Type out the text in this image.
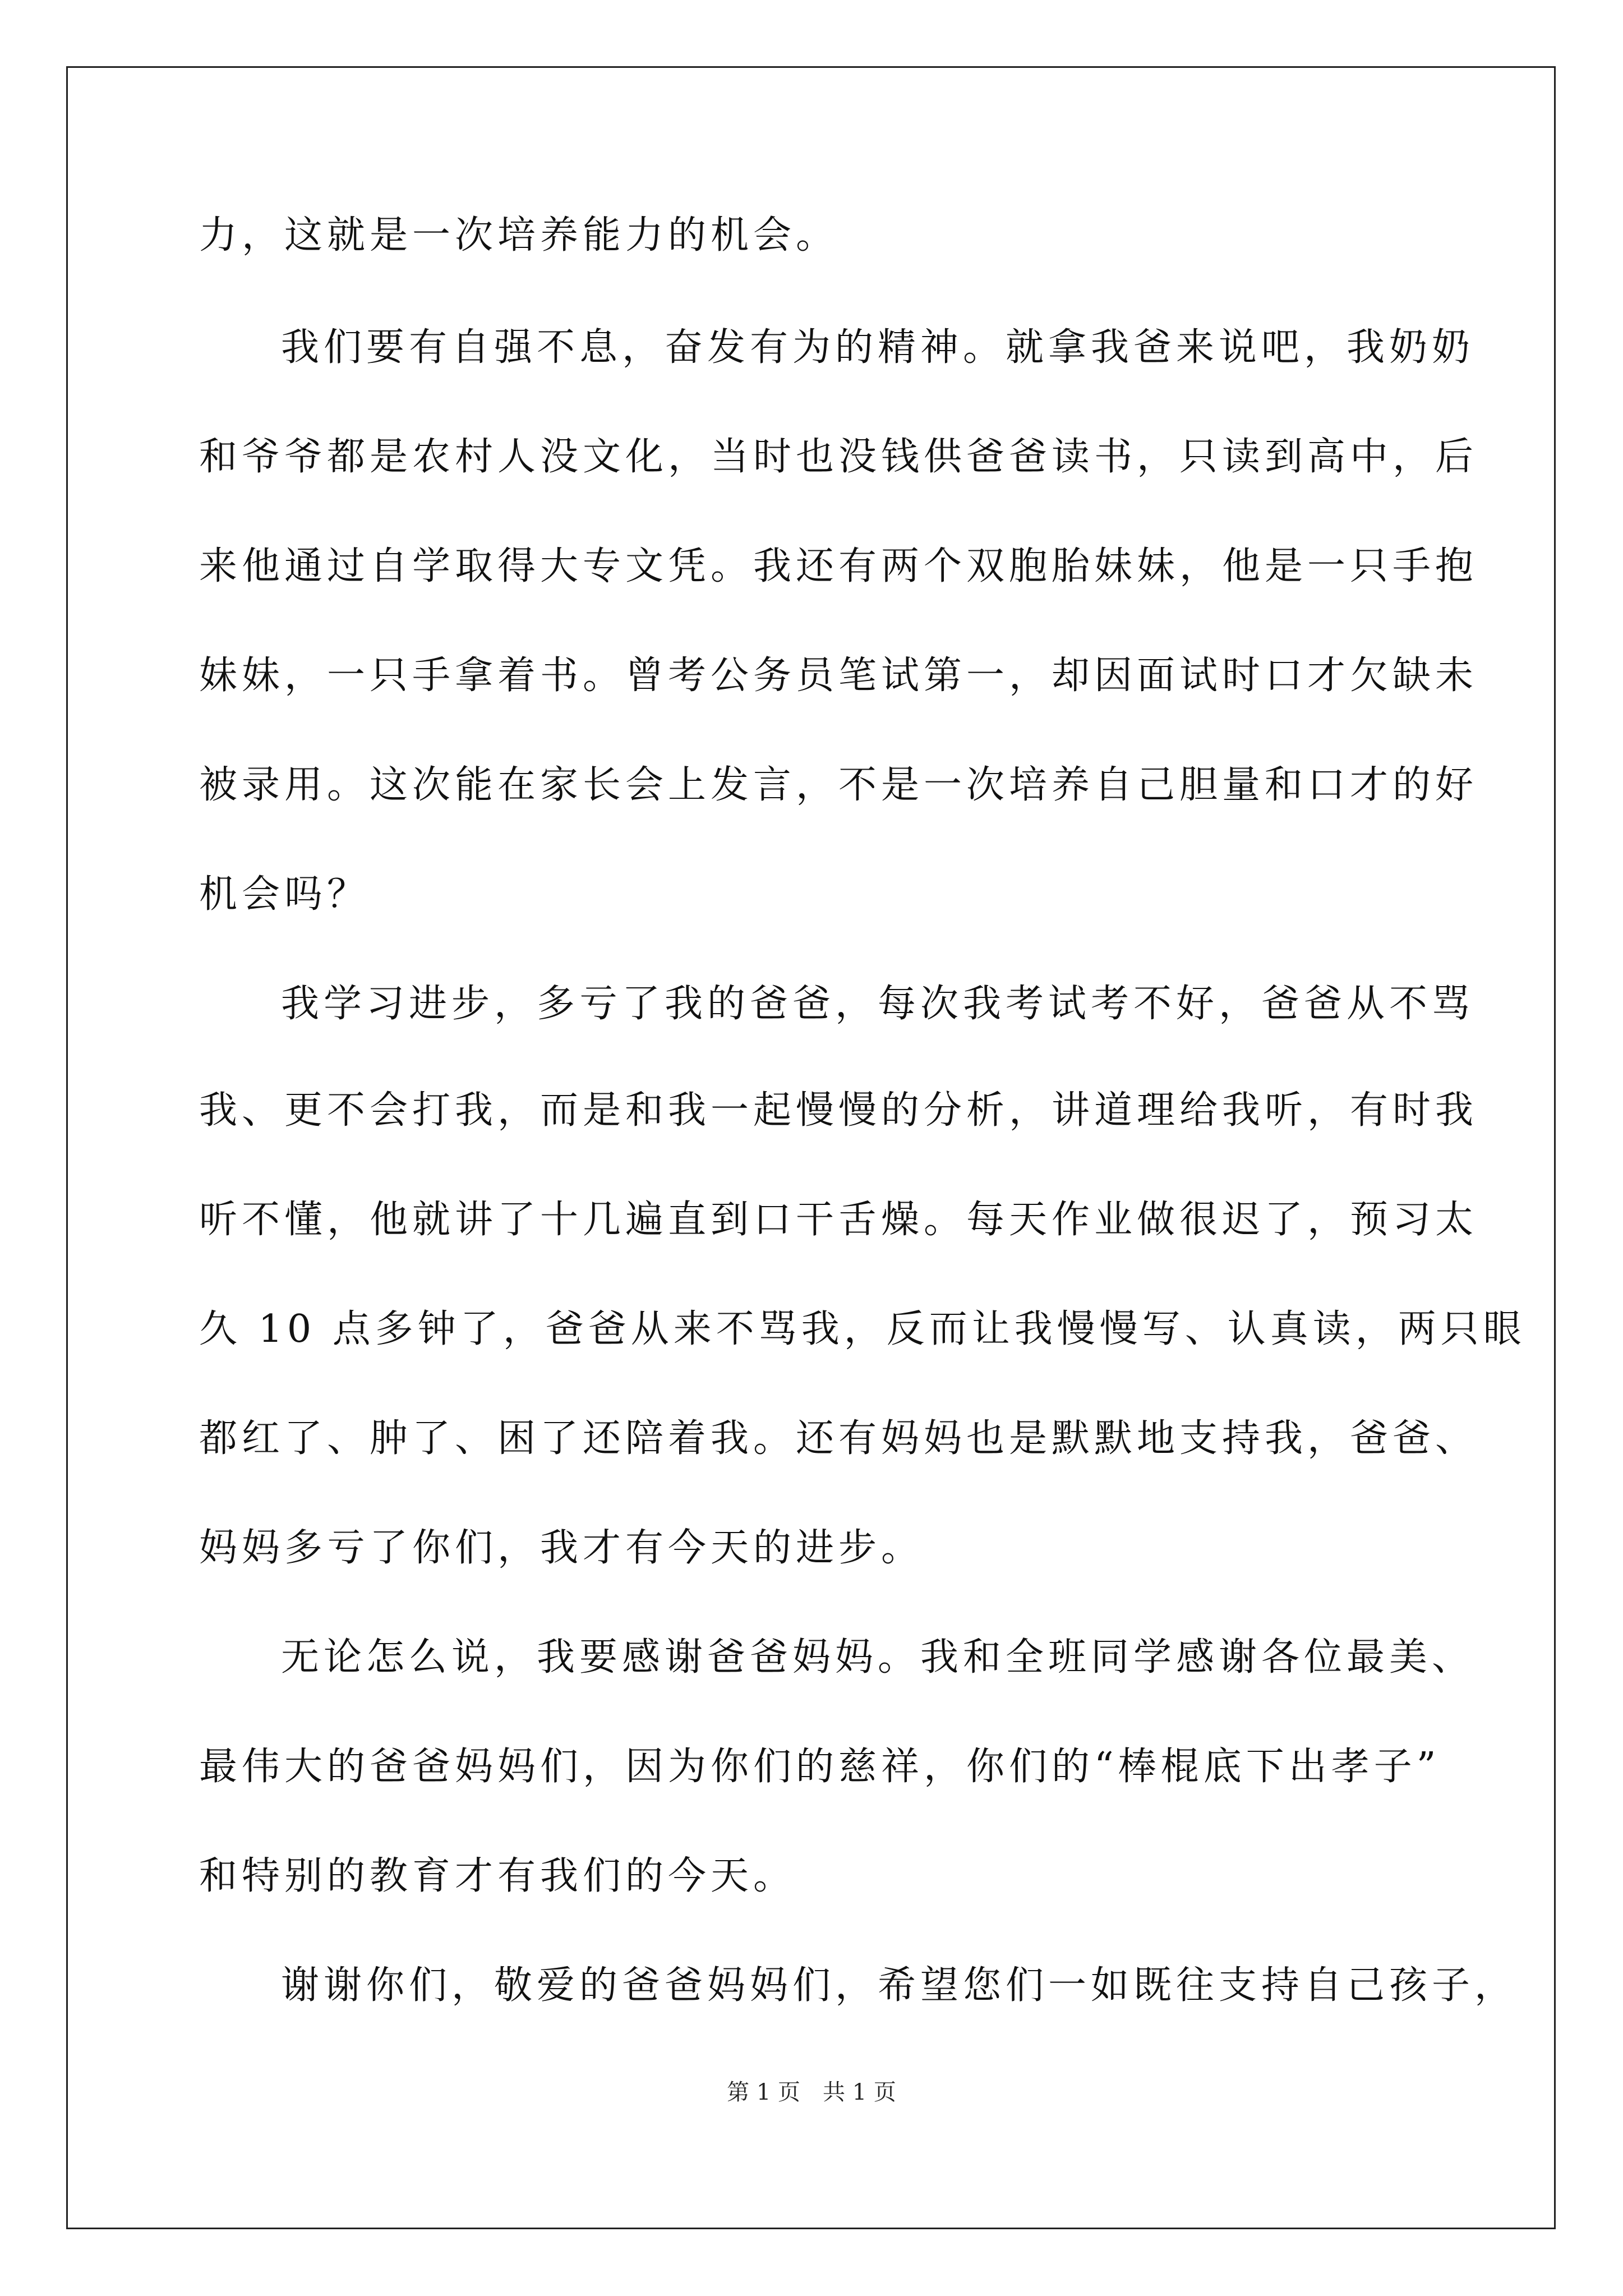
力，这就是一次培养能力的机会。
我们要有自强不息，奋发有为的精神。就拿我爸来说吧，我奶奶
和爷爷都是农村人没文化，当时也没钱供爸爸读书，只读到高中，后
来他通过自学取得大专文凭。我还有两个双胞胎妹妹，他是一只手抱
妹妹，一只手拿着书。曾考公务员笔试第一，却因面试时口才欠缺未
被录用。这次能在家长会上发言，不是一次培养自己胆量和口才的好
机会吗？
我学习进步，多亏了我的爸爸，每次我考试考不好，爸爸从不骂
我、更不会打我，而是和我一起慢慢的分析，讲道理给我听，有时我
听不懂，他就讲了十几遍直到口干舌燥。每天作业做很迟了，预习太
久 10 点多钟了，爸爸从来不骂我，反而让我慢慢写、认真读，两只眼
都红了、肿了、困了还陪着我。还有妈妈也是默默地支持我，爸爸、
妈妈多亏了你们，我才有今天的进步。
无论怎么说，我要感谢爸爸妈妈。我和全班同学感谢各位最美、
最伟大的爸爸妈妈们，因为你们的慈祥，你们的“棒棍底下出孝子”
和特别的教育才有我们的今天。
谢谢你们，敬爱的爸爸妈妈们，希望您们一如既往支持自己孩子，
第 1 页　共 1 页
